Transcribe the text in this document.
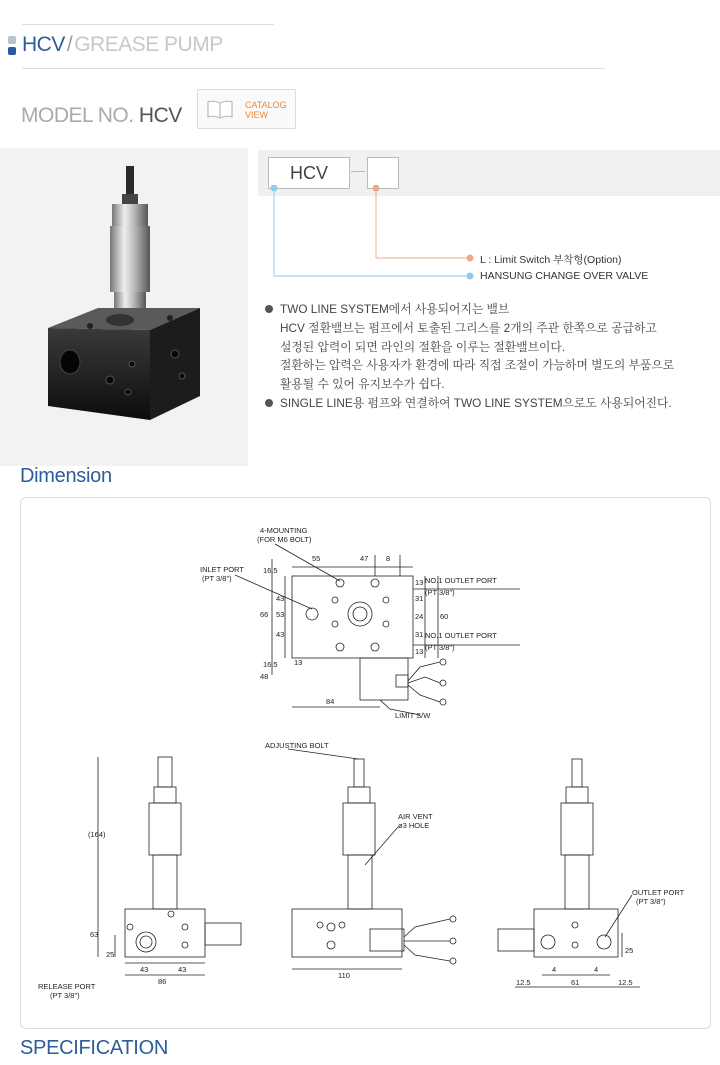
HCV/GREASE PUMP
MODEL NO. HCV	CATALOG
VIEW
HCV
L : Limit Switch 부착형(Option)
HANSUNG CHANGE OVER VALVE
TWO LINE SYSTEM에서 사용되어지는 밸브
HCV 절환밸브는 펌프에서 토출된 그리스를 2개의 주관 한쪽으로 공급하고
설정된 압력이 되면 라인의 절환을 이루는 절환밸브이다.
절환하는 압력은 사용자가 환경에 따라 직접 조절이 가능하며 별도의 부품으로
활용될 수 있어 유지보수가 쉽다.
SINGLE LINE용 펌프와 연결하여 TWO LINE SYSTEM으로도 사용되어진다.
Dimension
4-MOUNTING
(FOR M6 BOLT)
INLET PORT
(PT 3/8")	NO.1 OUTLET PORT
(PT 3/8")
NO.1 OUTLET PORT
(PT 3/8")
LIMIT S/W
55	47 8
16.5
66 53
43
43
16.5
48
13
31
24
31
13
60
13
84
(164)
63
25
43	43
86
RELEASE PORT
(PT 3/8")
ADJUSTING BOLT
AIR VENT
ø3 HOLE
110
OUTLET PORT
(PT 3/8")
25
4	4
12.5	61	12.5
SPECIFICATION
